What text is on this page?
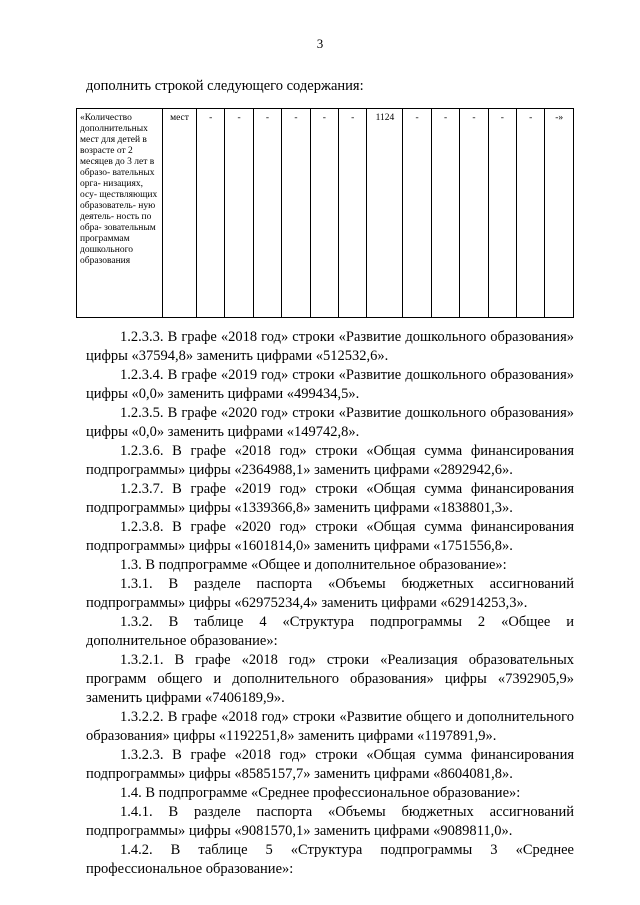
3
дополнить строкой следующего содержания:
«Количество дополнительных мест для детей в возрасте от 2 месяцев до 3 лет в образо- вательных орга- низациях, осу- ществляющих образователь- ную деятель- ность по обра- зовательным программам дошкольного образования	мест	-	-	-	-	-	-	1124	-	-	-	-	-	-»

1.2.3.3. В графе «2018 год» строки «Развитие дошкольного образования» цифры «37594,8» заменить цифрами «512532,6».

1.2.3.4. В графе «2019 год» строки «Развитие дошкольного образования» цифры «0,0» заменить цифрами «499434,5».

1.2.3.5. В графе «2020 год» строки «Развитие дошкольного образования» цифры «0,0» заменить цифрами «149742,8».

1.2.3.6. В графе «2018 год» строки «Общая сумма финансирования подпрограммы» цифры «2364988,1» заменить цифрами «2892942,6».

1.2.3.7. В графе «2019 год» строки «Общая сумма финансирования подпрограммы» цифры «1339366,8» заменить цифрами «1838801,3».

1.2.3.8. В графе «2020 год» строки «Общая сумма финансирования подпрограммы» цифры «1601814,0» заменить цифрами «1751556,8».

1.3. В подпрограмме «Общее и дополнительное образование»:

1.3.1. В разделе паспорта «Объемы бюджетных ассигнований подпрограммы» цифры «62975234,4» заменить цифрами «62914253,3».

1.3.2. В таблице 4 «Структура подпрограммы 2 «Общее и дополнительное образование»:

1.3.2.1. В графе «2018 год» строки «Реализация образовательных программ общего и дополнительного образования» цифры «7392905,9» заменить цифрами «7406189,9».

1.3.2.2. В графе «2018 год» строки «Развитие общего и дополнительного образования» цифры «1192251,8» заменить цифрами «1197891,9».

1.3.2.3. В графе «2018 год» строки «Общая сумма финансирования подпрограммы» цифры «8585157,7» заменить цифрами «8604081,8».

1.4. В подпрограмме «Среднее профессиональное образование»:

1.4.1. В разделе паспорта «Объемы бюджетных ассигнований подпрограммы» цифры «9081570,1» заменить цифрами «9089811,0».

1.4.2. В таблице 5 «Структура подпрограммы 3 «Среднее профессиональное образование»:
